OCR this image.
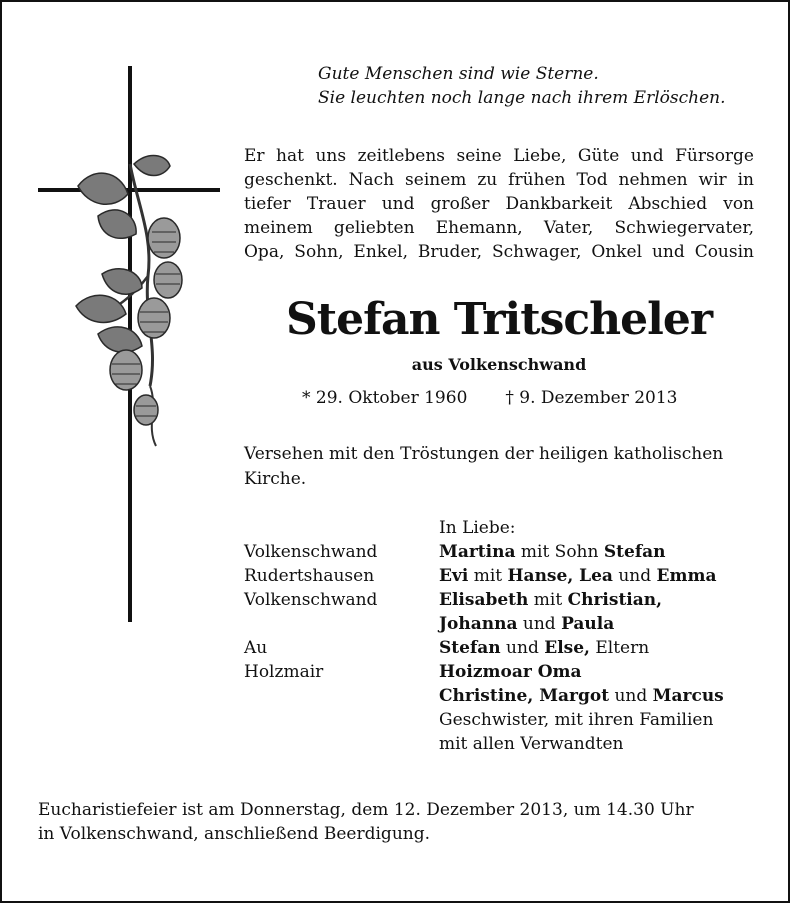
Gute Menschen sind wie Sterne.
Sie leuchten noch lange nach ihrem Erlöschen.
Er hat uns zeitlebens seine Liebe, Güte und Fürsorge
geschenkt. Nach seinem zu frühen Tod nehmen wir in
tiefer Trauer und großer Dankbarkeit Abschied von
meinem geliebten Ehemann, Vater, Schwiegervater,
Opa, Sohn, Enkel, Bruder, Schwager, Onkel und Cousin
Stefan Tritscheler
aus Volkenschwand
* 29. Oktober 1960 † 9. Dezember 2013
Versehen mit den Tröstungen der heiligen katholischen
Kirche.
In Liebe:
Volkenschwand	Martina mit Sohn Stefan
Rudertshausen	Evi mit Hanse, Lea und Emma
Volkenschwand	Elisabeth mit Christian,
Johanna und Paula
Au	Stefan und Else, Eltern
Holzmair	Hoizmoar Oma
Christine, Margot und Marcus
Geschwister, mit ihren Familien
mit allen Verwandten
Eucharistiefeier ist am Donnerstag, dem 12. Dezember 2013, um 14.30 Uhr
in Volkenschwand, anschließend Beerdigung.
